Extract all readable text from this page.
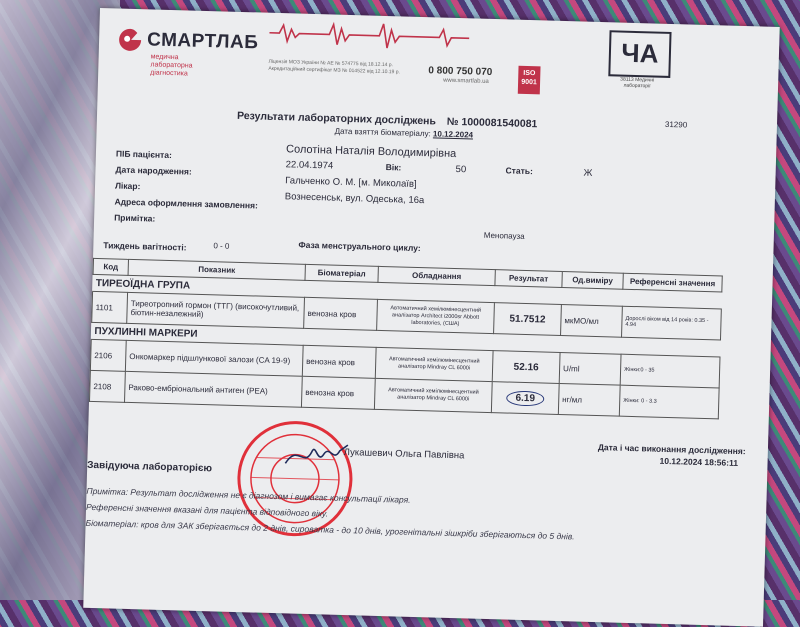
СМАРТЛАБ
медична лабораторна діагностика
Ліцензія МОЗ України № АЕ № 574775 від 18.12.14 р. Акредитаційний сертифікат МЗ № 014522 від 12.10.19 р.	0 800 750 070
www.smartlab.ua
ISO 9001
ЧА
38113 Медичні лабораторії
Результати лабораторних досліджень № 1000081540081	31290
Дата взяття біоматеріалу: 10.12.2024
ПІБ пацієнта:	Солотіна Наталія Володимирівна
Дата народження:	22.04.1974	Вік:	50	Стать:	Ж
Лікар:	Гальченко О. М. [м. Миколаїв]
Адреса оформлення замовлення:	Вознесенськ, вул. Одеська, 16а
Примітка:
Тиждень вагітності:	0 - 0	Фаза менструального циклу:
Менопауза
Код	Показник	Біоматеріал	Обладнання	Результат	Од.виміру	Референсні значення
ТИРЕОЇДНА ГРУПА						
1101	Тиреотропний гормон (ТТГ) (високочутливий, біотин-незалежний)	венозна кров	Автоматичний хемілюмінесцентний аналізатор Architect i2000sr Abbott laboratories, (США)	51.7512	мкМО/мл	Дорослі віком від 14 років: 0.35 - 4.94
ПУХЛИННІ МАРКЕРИ						
2106	Онкомаркер підшлункової залози (CA 19-9)	венозна кров	Автоматичний хемілюмінесцентний аналізатор Mindray CL 6000i	52.16	U/ml	Жінки:0 - 35
2108	Раково-ембріональний антиген (РЕА)	венозна кров	Автоматичний хемілюмінесцентний аналізатор Mindray CL 6000i	6.19	нг/мл	Жінки: 0 - 3.3
Дата і час виконання дослідження:
10.12.2024 18:56:11
Завідуюча лабораторією
Лукашевич Ольга Павлівна
Примітка: Результат дослідження не є діагнозом і вимагає консультації лікаря.
Референсні значення вказані для пацієнта відповідного віку.
Біоматеріал: кров для ЗАК зберігається до 2 днів, сироватка - до 10 днів, урогенітальні зішкріби зберігаються до 5 днів.
